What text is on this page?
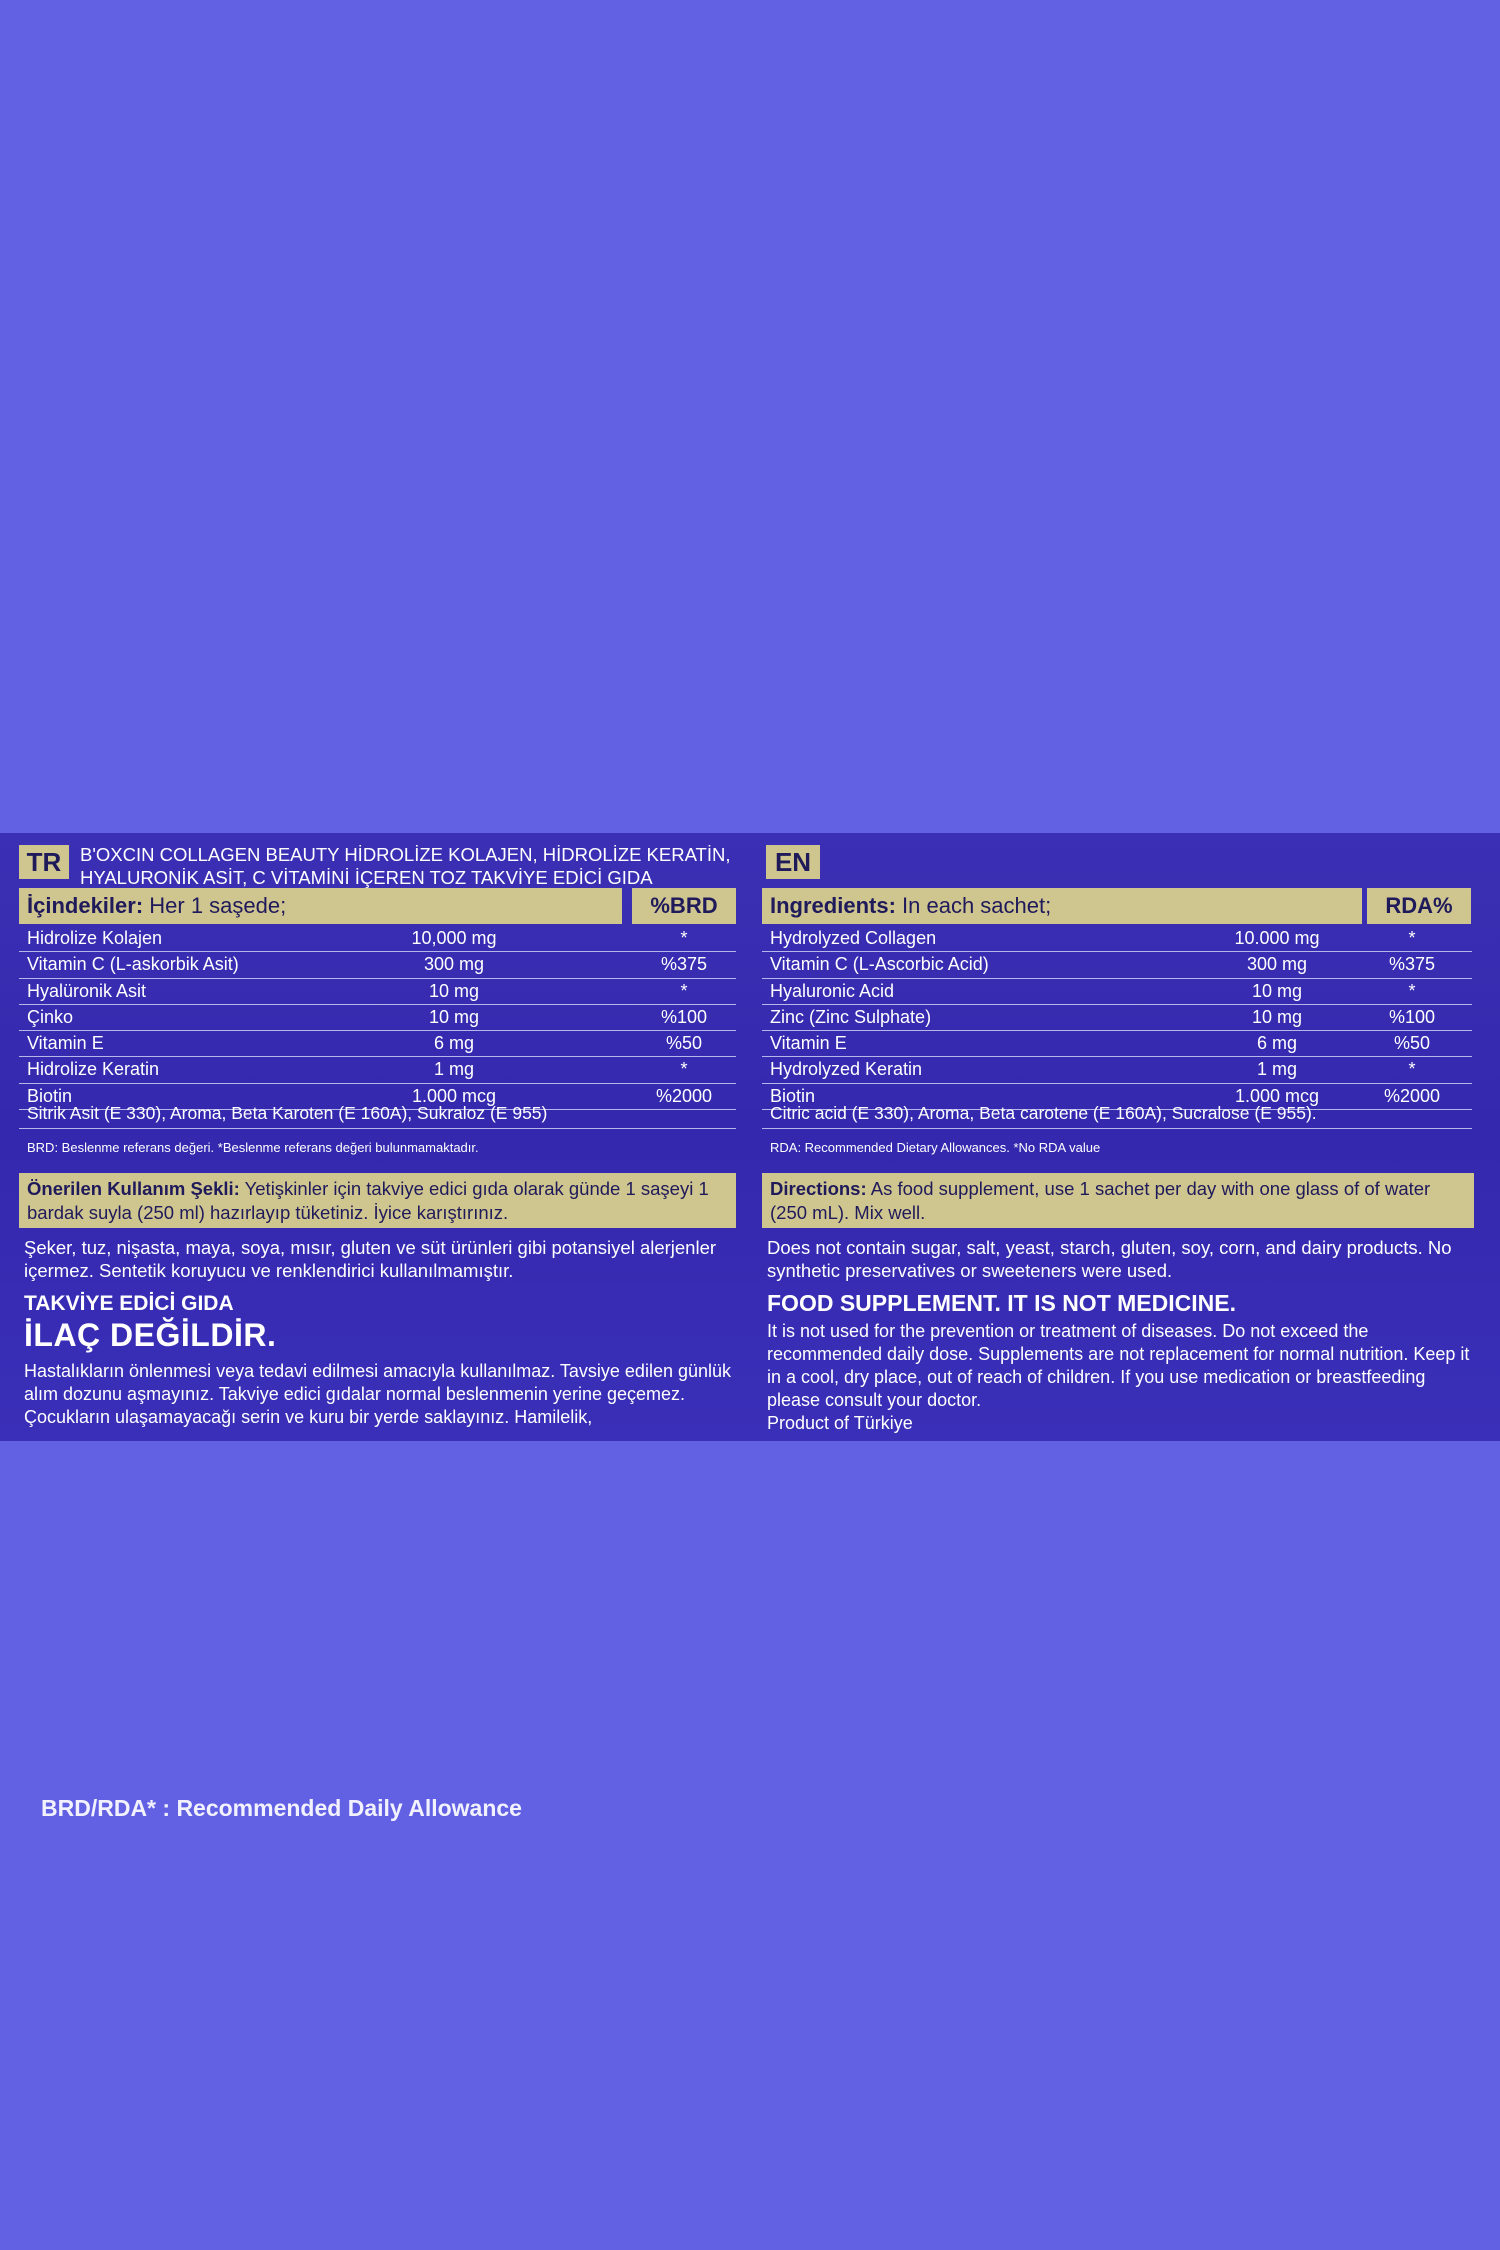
TR	B'OXCIN COLLAGEN BEAUTY HİDROLİZE KOLAJEN, HİDROLİZE KERATİN, HYALURONİK ASİT, C VİTAMİNİ İÇEREN TOZ TAKVİYE EDİCİ GIDA
İçindekiler: Her 1 saşede;	%BRD
Hidrolize Kolajen	10,000 mg	*
Vitamin C (L-askorbik Asit)	300 mg	%375
Hyalüronik Asit	10 mg	*
Çinko	10 mg	%100
Vitamin E	6 mg	%50
Hidrolize Keratin	1 mg	*
Biotin	1.000 mcg	%2000
Sitrik Asit (E 330), Aroma, Beta Karoten (E 160A), Sukraloz (E 955)
BRD: Beslenme referans değeri. *Beslenme referans değeri bulunmamaktadır.
Önerilen Kullanım Şekli: Yetişkinler için takviye edici gıda olarak günde 1 saşeyi 1 bardak suyla (250 ml) hazırlayıp tüketiniz. İyice karıştırınız.
Şeker, tuz, nişasta, maya, soya, mısır, gluten ve süt ürünleri gibi potansiyel alerjenler içermez. Sentetik koruyucu ve renklendirici kullanılmamıştır.
TAKVİYE EDİCİ GIDA
İLAÇ DEĞİLDİR.
Hastalıkların önlenmesi veya tedavi edilmesi amacıyla kullanılmaz. Tavsiye edilen günlük alım dozunu aşmayınız. Takviye edici gıdalar normal beslenmenin yerine geçemez. Çocukların ulaşamayacağı serin ve kuru bir yerde saklayınız. Hamilelik,
EN
Ingredients: In each sachet;	RDA%
Hydrolyzed Collagen	10.000 mg	*
Vitamin C (L-Ascorbic Acid)	300 mg	%375
Hyaluronic Acid	10 mg	*
Zinc (Zinc Sulphate)	10 mg	%100
Vitamin E	6 mg	%50
Hydrolyzed Keratin	1 mg	*
Biotin	1.000 mcg	%2000
Citric acid (E 330), Aroma, Beta carotene (E 160A), Sucralose (E 955).
RDA: Recommended Dietary Allowances. *No RDA value
Directions: As food supplement, use 1 sachet per day with one glass of of water (250 mL). Mix well.
Does not contain sugar, salt, yeast, starch, gluten, soy, corn, and dairy products. No synthetic preservatives or sweeteners were used.
FOOD SUPPLEMENT. IT IS NOT MEDICINE.
It is not used for the prevention or treatment of diseases. Do not exceed the recommended daily dose. Supplements are not replacement for normal nutrition. Keep it in a cool, dry place, out of reach of children. If you use medication or breastfeeding please consult your doctor.
Product of Türkiye
BRD/RDA* : Recommended Daily Allowance
